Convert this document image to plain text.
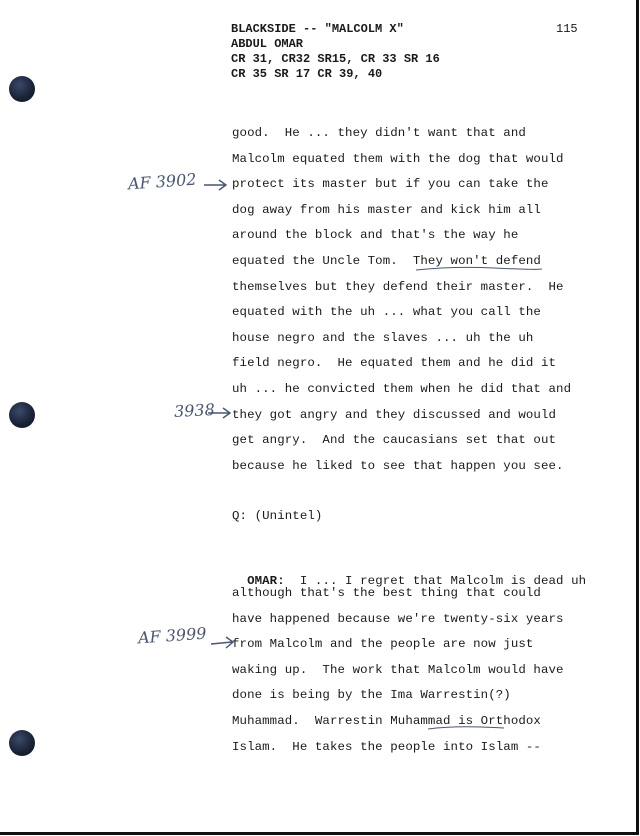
BLACKSIDE -- "MALCOLM X"
ABDUL OMAR
CR 31, CR32 SR15, CR 33 SR 16
CR 35 SR 17 CR 39, 40
115
good.  He ... they didn't want that and
Malcolm equated them with the dog that would
protect its master but if you can take the
dog away from his master and kick him all
around the block and that's the way he
equated the Uncle Tom.  They won't defend
themselves but they defend their master.  He
equated with the uh ... what you call the
house negro and the slaves ... uh the uh
field negro.  He equated them and he did it
uh ... he convicted them when he did that and
they got angry and they discussed and would
get angry.  And the caucasians set that out
because he liked to see that happen you see.
Q: (Unintel)

OMAR:  I ... I regret that Malcolm is dead uh

although that's the best thing that could
have happened because we're twenty-six years
from Malcolm and the people are now just
waking up.  The work that Malcolm would have
done is being by the Ima Warrestin(?)
Muhammad.  Warrestin Muhammad is Orthodox
Islam.  He takes the people into Islam --
AF 3902
3938
AF 3999
